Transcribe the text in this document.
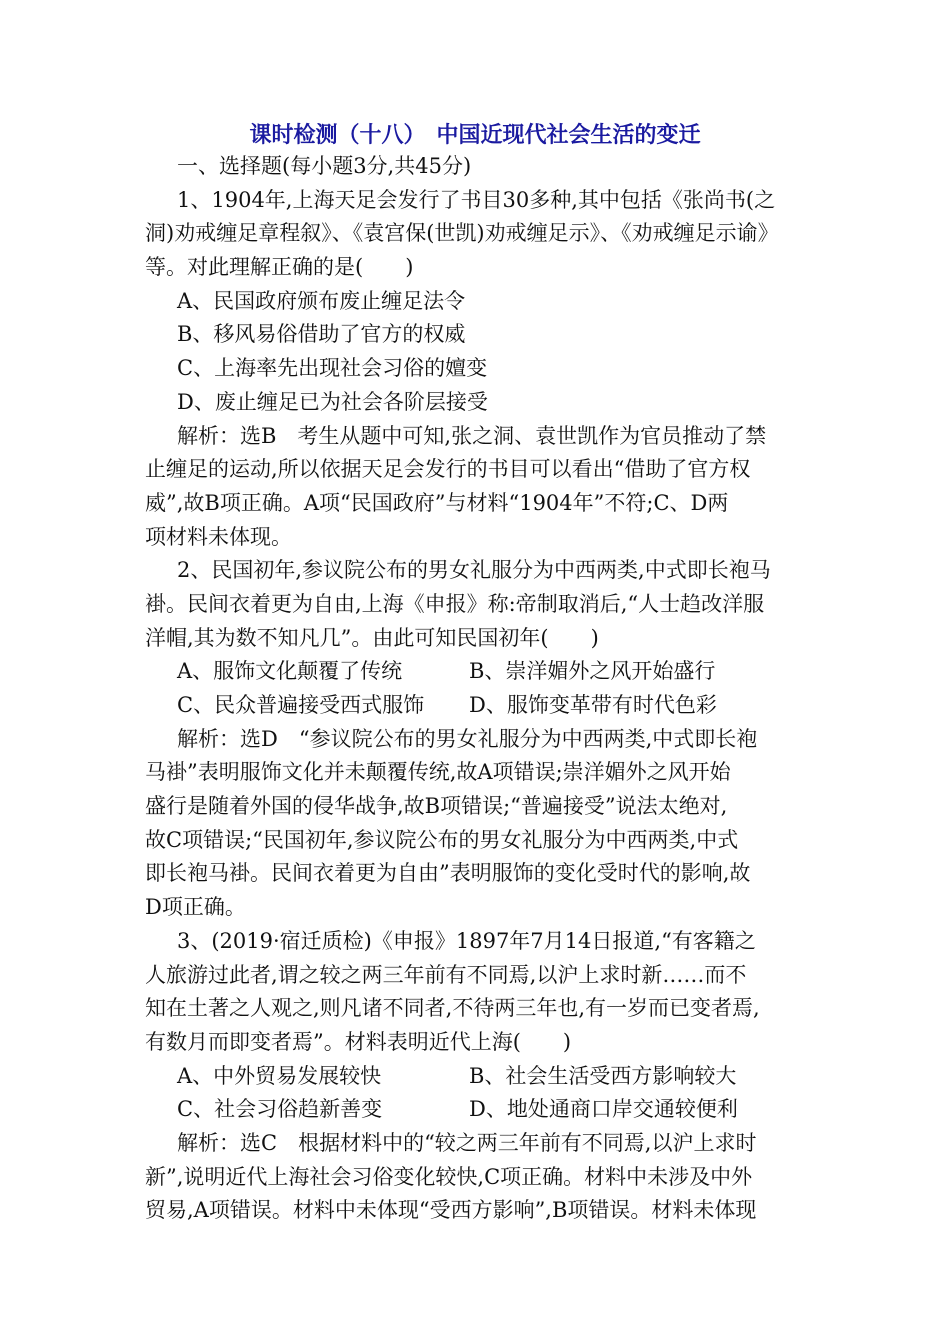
课时检测（十八）　中国近现代社会生活的变迁
一、选择题(每小题3分,共45分)
1、1904年,上海天足会发行了书目30多种,其中包括《张尚书(之
洞)劝戒缠足章程叙》、《袁宫保(世凯)劝戒缠足示》、《劝戒缠足示谕》
等。对此理解正确的是(　　)
A、民国政府颁布废止缠足法令
B、移风易俗借助了官方的权威
C、上海率先出现社会习俗的嬗变
D、废止缠足已为社会各阶层接受
解析：选B　考生从题中可知,张之洞、袁世凯作为官员推动了禁
止缠足的运动,所以依据天足会发行的书目可以看出“借助了官方权
威”,故B项正确。A项“民国政府”与材料“1904年”不符;C、D两
项材料未体现。
2、民国初年,参议院公布的男女礼服分为中西两类,中式即长袍马
褂。民间衣着更为自由,上海《申报》称:帝制取消后,“人士趋改洋服
洋帽,其为数不知凡几”。由此可知民国初年(　　)
A、服饰文化颠覆了传统	B、崇洋媚外之风开始盛行
C、民众普遍接受西式服饰	D、服饰变革带有时代色彩
解析：选D　“参议院公布的男女礼服分为中西两类,中式即长袍
马褂”表明服饰文化并未颠覆传统,故A项错误;崇洋媚外之风开始
盛行是随着外国的侵华战争,故B项错误;“普遍接受”说法太绝对,
故C项错误;“民国初年,参议院公布的男女礼服分为中西两类,中式
即长袍马褂。民间衣着更为自由”表明服饰的变化受时代的影响,故
D项正确。
3、(2019·宿迁质检)《申报》1897年7月14日报道,“有客籍之
人旅游过此者,谓之较之两三年前有不同焉,以沪上求时新……而不
知在土著之人观之,则凡诸不同者,不待两三年也,有一岁而已变者焉,
有数月而即变者焉”。材料表明近代上海(　　)
A、中外贸易发展较快	B、社会生活受西方影响较大
C、社会习俗趋新善变	D、地处通商口岸交通较便利
解析：选C　根据材料中的“较之两三年前有不同焉,以沪上求时
新”,说明近代上海社会习俗变化较快,C项正确。材料中未涉及中外
贸易,A项错误。材料中未体现“受西方影响”,B项错误。材料未体现
